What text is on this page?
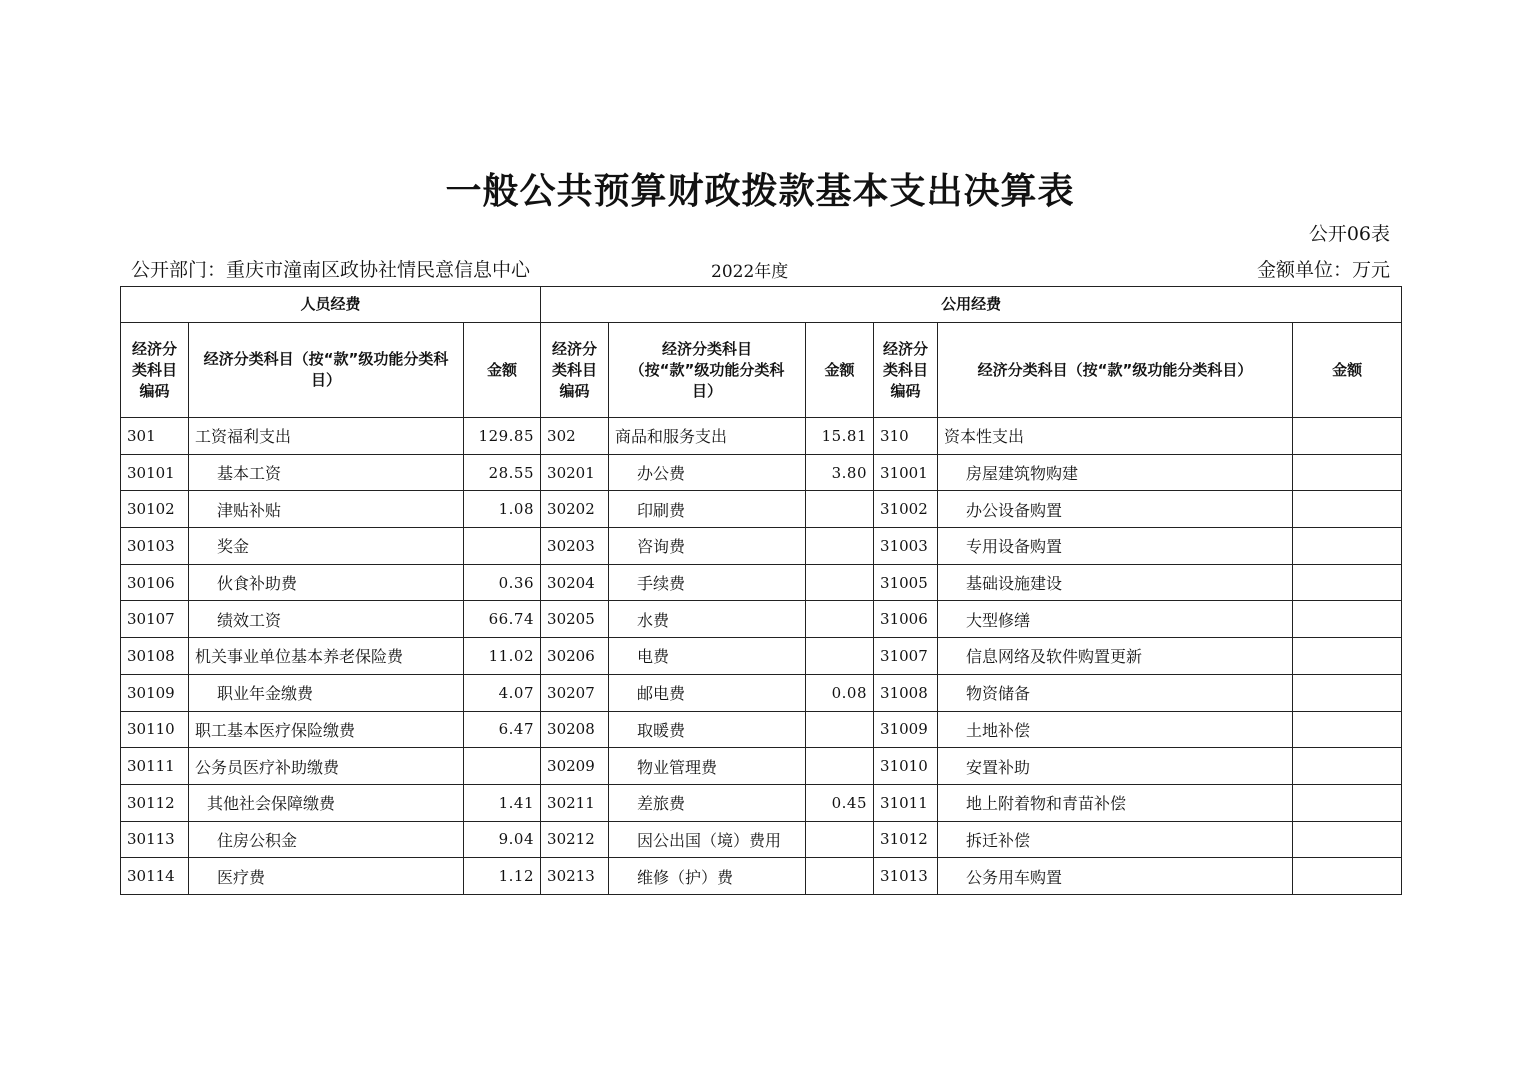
一般公共预算财政拨款基本支出决算表
公开06表
公开部门：重庆市潼南区政协社情民意信息中心	2022年度	金额单位：万元
人员经费			公用经费					
经济分类科目编码	经济分类科目（按“款”级功能分类科目）	金额	经济分类科目编码	经济分类科目（按“款”级功能分类科目）	金额	经济分类科目编码	经济分类科目（按“款”级功能分类科目）	金额
301	工资福利支出	129.85	302	商品和服务支出	15.81	310	资本性支出	
30101	基本工资	28.55	30201	办公费	3.80	31001	房屋建筑物购建	
30102	津贴补贴	1.08	30202	印刷费		31002	办公设备购置	
30103	奖金		30203	咨询费		31003	专用设备购置	
30106	伙食补助费	0.36	30204	手续费		31005	基础设施建设	
30107	绩效工资	66.74	30205	水费		31006	大型修缮	
30108	机关事业单位基本养老保险费	11.02	30206	电费		31007	信息网络及软件购置更新	
30109	职业年金缴费	4.07	30207	邮电费	0.08	31008	物资储备	
30110	职工基本医疗保险缴费	6.47	30208	取暖费		31009	土地补偿	
30111	公务员医疗补助缴费		30209	物业管理费		31010	安置补助	
30112	其他社会保障缴费	1.41	30211	差旅费	0.45	31011	地上附着物和青苗补偿	
30113	住房公积金	9.04	30212	因公出国（境）费用		31012	拆迁补偿	
30114	医疗费	1.12	30213	维修（护）费		31013	公务用车购置	
